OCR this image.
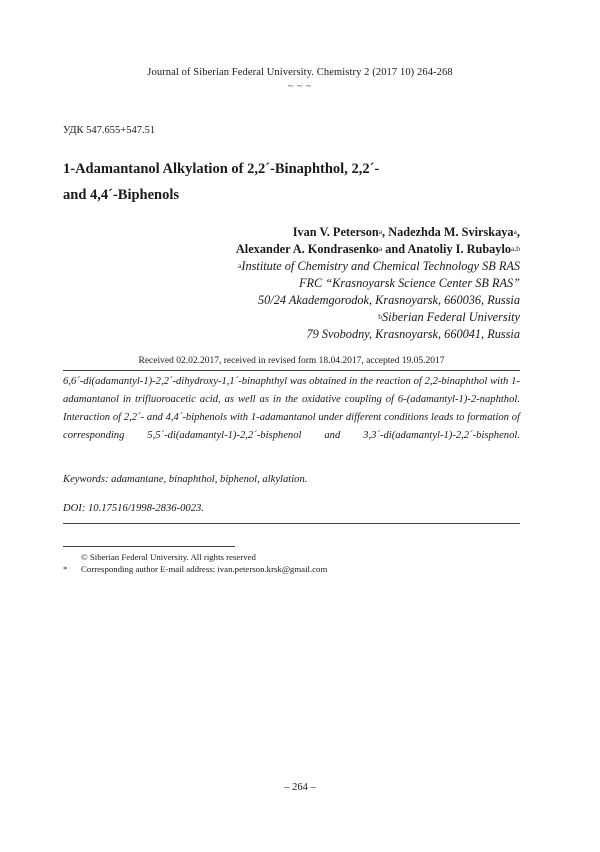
Journal of Siberian Federal University. Chemistry 2 (2017 10) 264-268
~ ~ ~
УДК 547.655+547.51
1-Adamantanol Alkylation of 2,2´-Binaphthol, 2,2´-
and 4,4´-Biphenols
Ivan V. Peterson$^a$, Nadezhda M. Svirskaya$^a$,
Alexander A. Kondrasenko$^a$ and Anatoliy I. Rubaylo$^{a,b}$
$^a$Institute of Chemistry and Chemical Technology SB RAS
FRC “Krasnoyarsk Science Center SB RAS”
50/24 Akademgorodok, Krasnoyarsk, 660036, Russia
$^b$Siberian Federal University
79 Svobodny, Krasnoyarsk, 660041, Russia
Received 02.02.2017, received in revised form 18.04.2017, accepted 19.05.2017
6,6´-di(adamantyl-1)-2,2´-dihydroxy-1,1´-binaphthyl was obtained in the reaction of 2,2-binaphthol with 1-adamantanol in trifluoroacetic acid, as well as in the oxidative coupling of 6-(adamantyl-1)-2-naphthol. Interaction of 2,2´- and 4,4´-biphenols with 1-adamantanol under different conditions leads to formation of corresponding 5,5´-di(adamantyl-1)-2,2´-bisphenol and 3,3´-di(adamantyl-1)-2,2´-bisphenol.
Keywords: adamantane, binaphthol, biphenol, alkylation.
DOI: 10.17516/1998-2836-0023.
© Siberian Federal University. All rights reserved
*	Corresponding author E-mail address: ivan.peterson.krsk@gmail.com
– 264 –
